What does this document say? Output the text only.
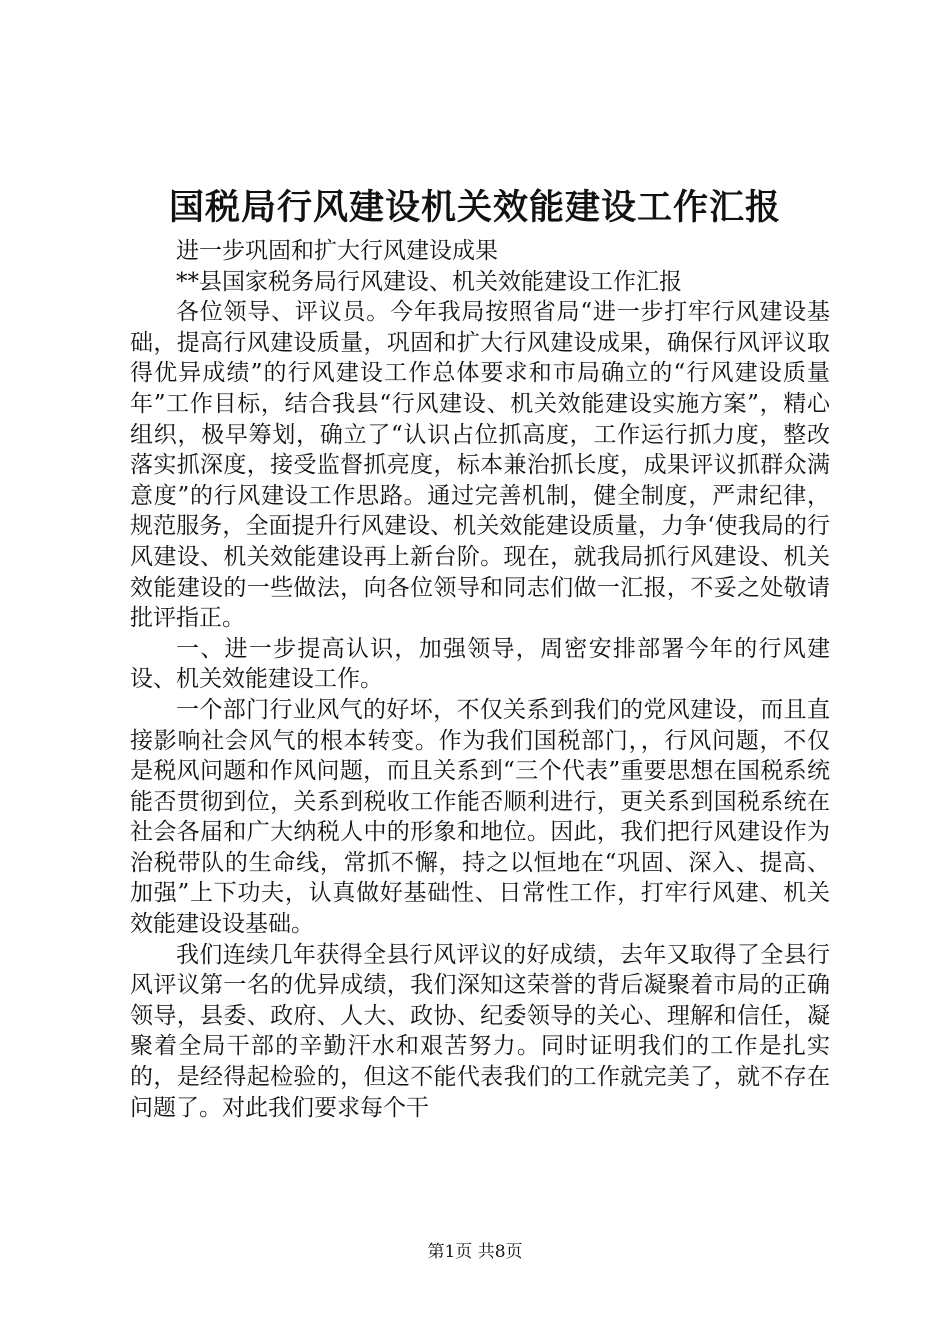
国税局行风建设机关效能建设工作汇报

进一步巩固和扩大行风建设成果

**县国家税务局行风建设、机关效能建设工作汇报

各位领导、评议员。今年我局按照省局“进一步打牢行风建设基础，提高行风建设质量，巩固和扩大行风建设成果，确保行风评议取得优异成绩”的行风建设工作总体要求和市局确立的“行风建设质量年”工作目标，结合我县“行风建设、机关效能建设实施方案”，精心组织，极早筹划，确立了“认识占位抓高度，工作运行抓力度，整改落实抓深度，接受监督抓亮度，标本兼治抓长度，成果评议抓群众满意度”的行风建设工作思路。通过完善机制，健全制度，严肃纪律，规范服务，全面提升行风建设、机关效能建设质量，力争‘使我局的行风建设、机关效能建设再上新台阶。现在，就我局抓行风建设、机关效能建设的一些做法，向各位领导和同志们做一汇报，不妥之处敬请批评指正。

一、进一步提高认识，加强领导，周密安排部署今年的行风建设、机关效能建设工作。

一个部门行业风气的好坏，不仅关系到我们的党风建设，而且直接影响社会风气的根本转变。作为我们国税部门，，行风问题，不仅是税风问题和作风问题，而且关系到“三个代表”重要思想在国税系统能否贯彻到位，关系到税收工作能否顺利进行，更关系到国税系统在社会各届和广大纳税人中的形象和地位。因此，我们把行风建设作为治税带队的生命线，常抓不懈，持之以恒地在“巩固、深入、提高、加强”上下功夫，认真做好基础性、日常性工作，打牢行风建、机关效能建设设基础。

我们连续几年获得全县行风评议的好成绩，去年又取得了全县行风评议第一名的优异成绩，我们深知这荣誉的背后凝聚着市局的正确领导，县委、政府、人大、政协、纪委领导的关心、理解和信任，凝聚着全局干部的辛勤汗水和艰苦努力。同时证明我们的工作是扎实的，是经得起检验的，但这不能代表我们的工作就完美了，就不存在问题了。对此我们要求每个干

第1页 共8页
